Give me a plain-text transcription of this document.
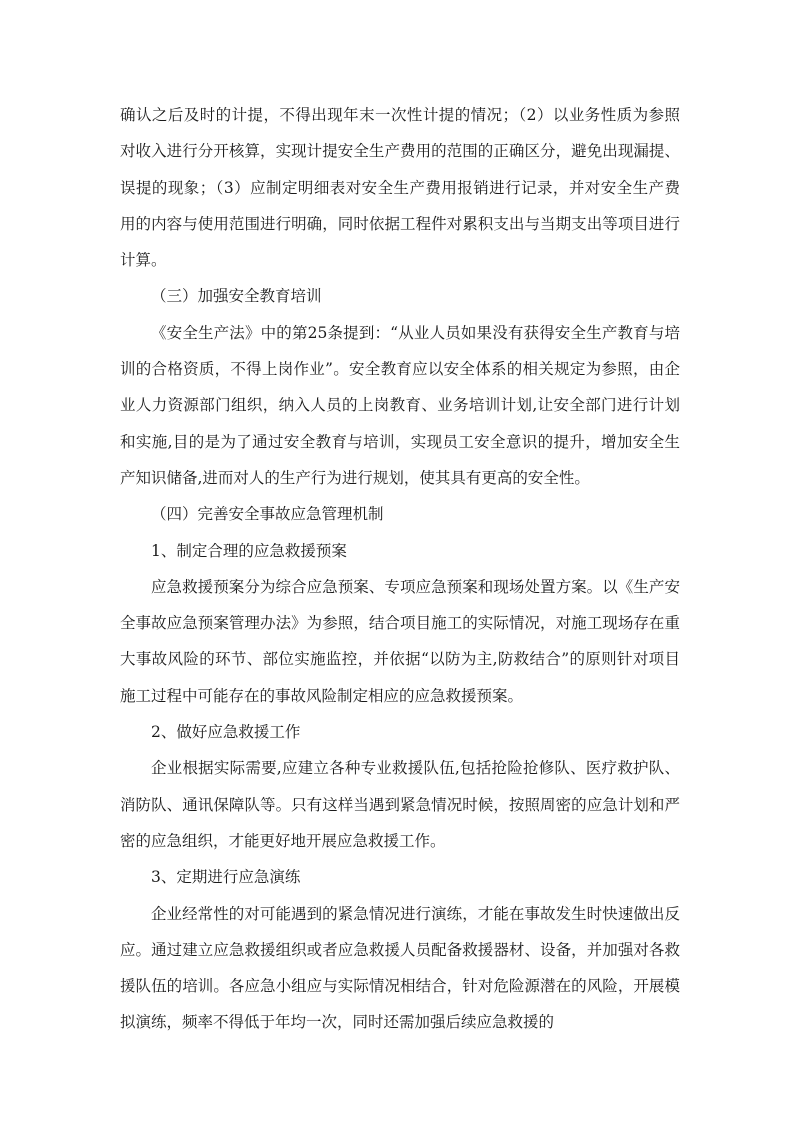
确认之后及时的计提，不得出现年末一次性计提的情况；（2）以业务性质为参照对收入进行分开核算，实现计提安全生产费用的范围的正确区分，避免出现漏提、误提的现象；（3）应制定明细表对安全生产费用报销进行记录，并对安全生产费用的内容与使用范围进行明确，同时依据工程件对累积支出与当期支出等项目进行计算。

（三）加强安全教育培训

《安全生产法》中的第25条提到：“从业人员如果没有获得安全生产教育与培训的合格资质，不得上岗作业”。安全教育应以安全体系的相关规定为参照，由企业人力资源部门组织，纳入人员的上岗教育、业务培训计划,让安全部门进行计划和实施,目的是为了通过安全教育与培训，实现员工安全意识的提升，增加安全生产知识储备,进而对人的生产行为进行规划，使其具有更高的安全性。

（四）完善安全事故应急管理机制

1、制定合理的应急救援预案

应急救援预案分为综合应急预案、专项应急预案和现场处置方案。以《生产安全事故应急预案管理办法》为参照，结合项目施工的实际情况，对施工现场存在重大事故风险的环节、部位实施监控，并依据“以防为主,防救结合”的原则针对项目施工过程中可能存在的事故风险制定相应的应急救援预案。

2、做好应急救援工作

企业根据实际需要,应建立各种专业救援队伍,包括抢险抢修队、医疗救护队、消防队、通讯保障队等。只有这样当遇到紧急情况时候，按照周密的应急计划和严密的应急组织，才能更好地开展应急救援工作。

3、定期进行应急演练

企业经常性的对可能遇到的紧急情况进行演练，才能在事故发生时快速做出反应。通过建立应急救援组织或者应急救援人员配备救援器材、设备，并加强对各救援队伍的培训。各应急小组应与实际情况相结合，针对危险源潜在的风险，开展模拟演练，频率不得低于年均一次，同时还需加强后续应急救援的
